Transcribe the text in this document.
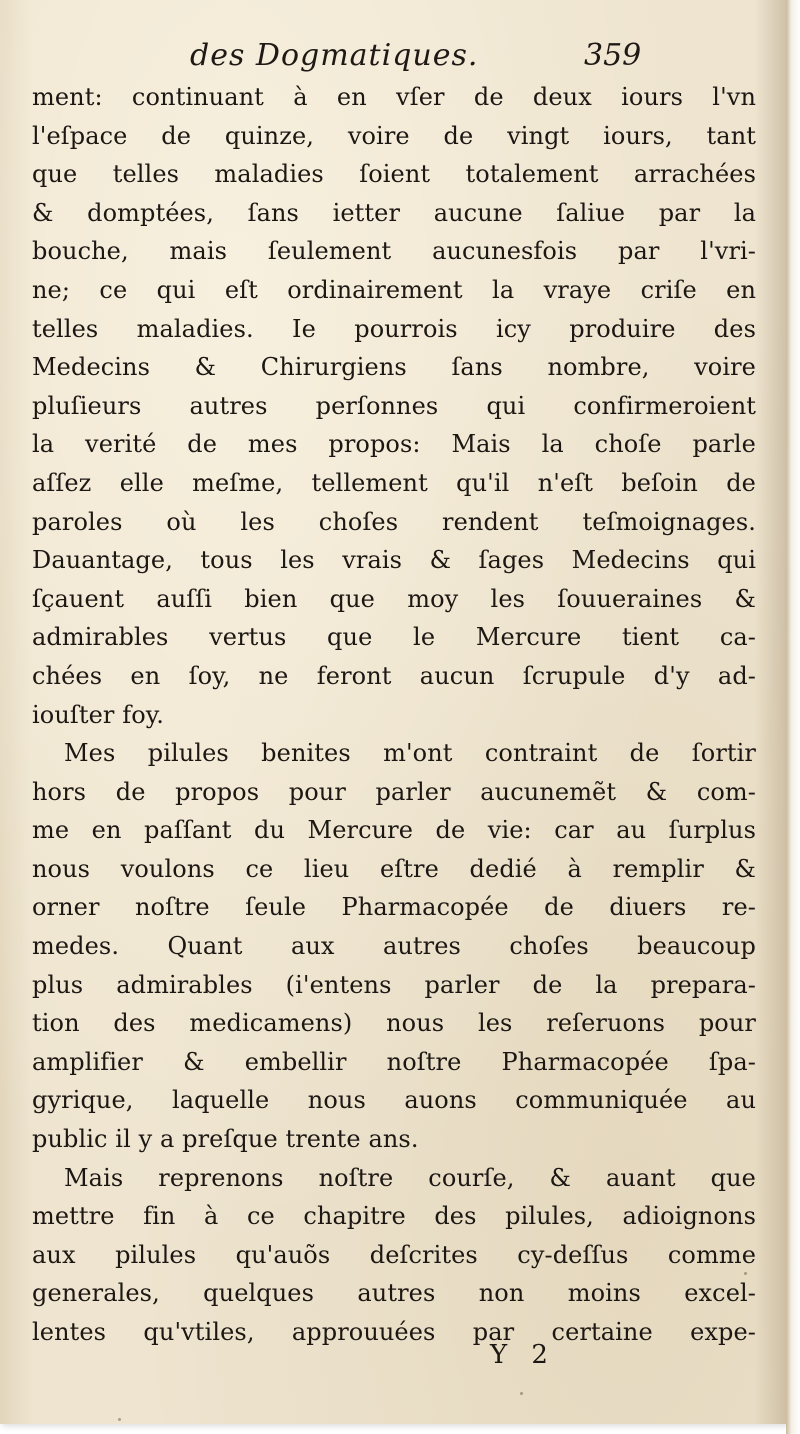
des Dogmatiques.	359
ment: continuant à en vſer de deux iours l'vn
l'eſpace de quinze, voire de vingt iours, tant
que telles maladies ſoient totalement arrachées
& domptées, ſans ietter aucune ſaliue par la
bouche, mais ſeulement aucunesfois par l'vri-
ne; ce qui eſt ordinairement la vraye criſe en
telles maladies. Ie pourrois icy produire des
Medecins & Chirurgiens ſans nombre, voire
pluſieurs autres perſonnes qui confirmeroient
la verité de mes propos: Mais la choſe parle
aſſez elle meſme, tellement qu'il n'eſt beſoin de
paroles où les choſes rendent teſmoignages.
Dauantage, tous les vrais & ſages Medecins qui
ſçauent auſſi bien que moy les ſouueraines &
admirables vertus que le Mercure tient ca-
chées en ſoy, ne feront aucun ſcrupule d'y ad-
iouſter foy.
Mes pilules benites m'ont contraint de ſortir
hors de propos pour parler aucunemẽt & com-
me en paſſant du Mercure de vie: car au ſurplus
nous voulons ce lieu eſtre dedié à remplir &
orner noſtre ſeule Pharmacopée de diuers re-
medes. Quant aux autres choſes beaucoup
plus admirables (i'entens parler de la prepara-
tion des medicamens) nous les reſeruons pour
amplifier & embellir noſtre Pharmacopée ſpa-
gyrique, laquelle nous auons communiquée au
public il y a preſque trente ans.
Mais reprenons noſtre courſe, & auant que
mettre fin à ce chapitre des pilules, adioignons
aux pilules qu'auõs deſcrites cy-deſſus comme
generales, quelques autres non moins excel-
lentes qu'vtiles, approuuées par certaine expe-
Y 2
